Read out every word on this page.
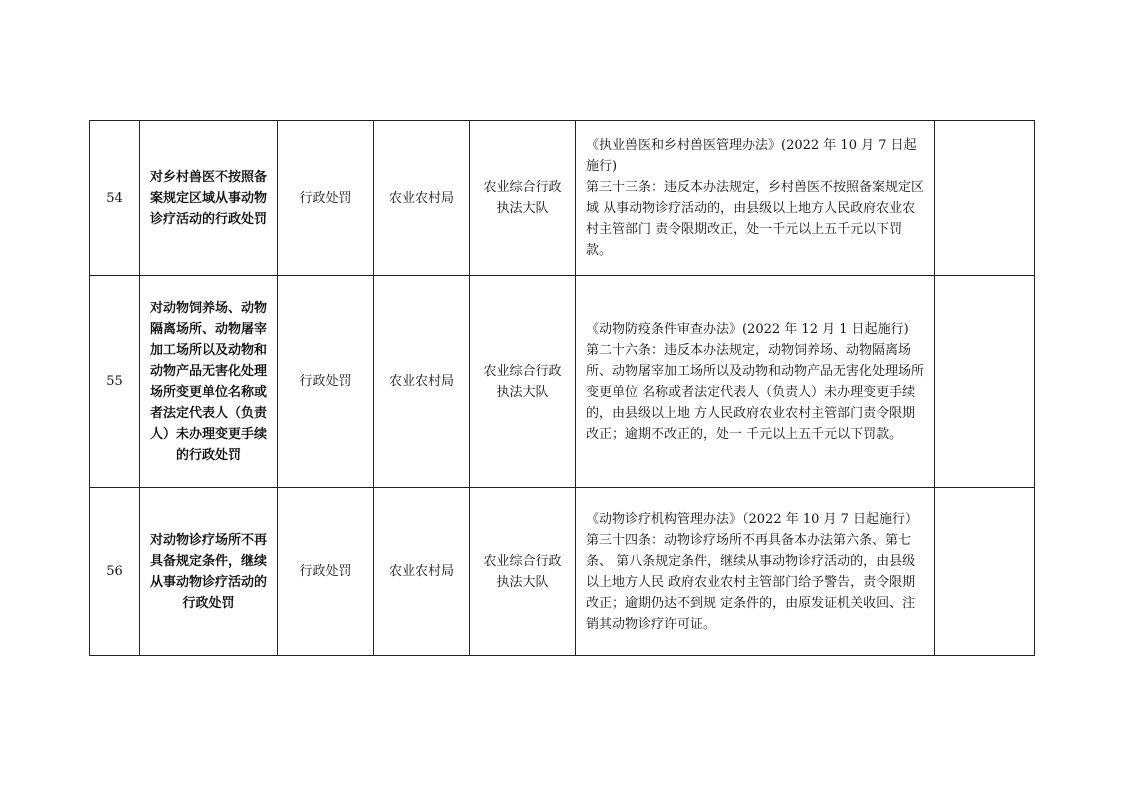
54	对乡村兽医不按照备案规定区域从事动物诊疗活动的行政处罚	行政处罚	农业农村局	农业综合行政执法大队	《执业兽医和乡村兽医管理办法》(2022 年 10 月 7 日起施行)
第三十三条：违反本办法规定，乡村兽医不按照备案规定区域 从事动物诊疗活动的，由县级以上地方人民政府农业农村主管部门 责令限期改正，处一千元以上五千元以下罚款。	

55	对动物饲养场、动物隔离场所、动物屠宰加工场所以及动物和动物产品无害化处理场所变更单位名称或者法定代表人（负责人）未办理变更手续的行政处罚	行政处罚	农业农村局	农业综合行政执法大队	《动物防疫条件审查办法》(2022 年 12 月 1 日起施行)
第二十六条：违反本办法规定，动物饲养场、动物隔离场所、动物屠宰加工场所以及动物和动物产品无害化处理场所变更单位 名称或者法定代表人（负责人）未办理变更手续的，由县级以上地 方人民政府农业农村主管部门责令限期改正；逾期不改正的，处一 千元以上五千元以下罚款。	

56	对动物诊疗场所不再具备规定条件，继续从事动物诊疗活动的行政处罚	行政处罚	农业农村局	农业综合行政执法大队	《动物诊疗机构管理办法》（2022 年 10 月 7 日起施行）
第三十四条：动物诊疗场所不再具备本办法第六条、第七条、 第八条规定条件，继续从事动物诊疗活动的，由县级以上地方人民 政府农业农村主管部门给予警告，责令限期改正；逾期仍达不到规 定条件的，由原发证机关收回、注销其动物诊疗许可证。	
